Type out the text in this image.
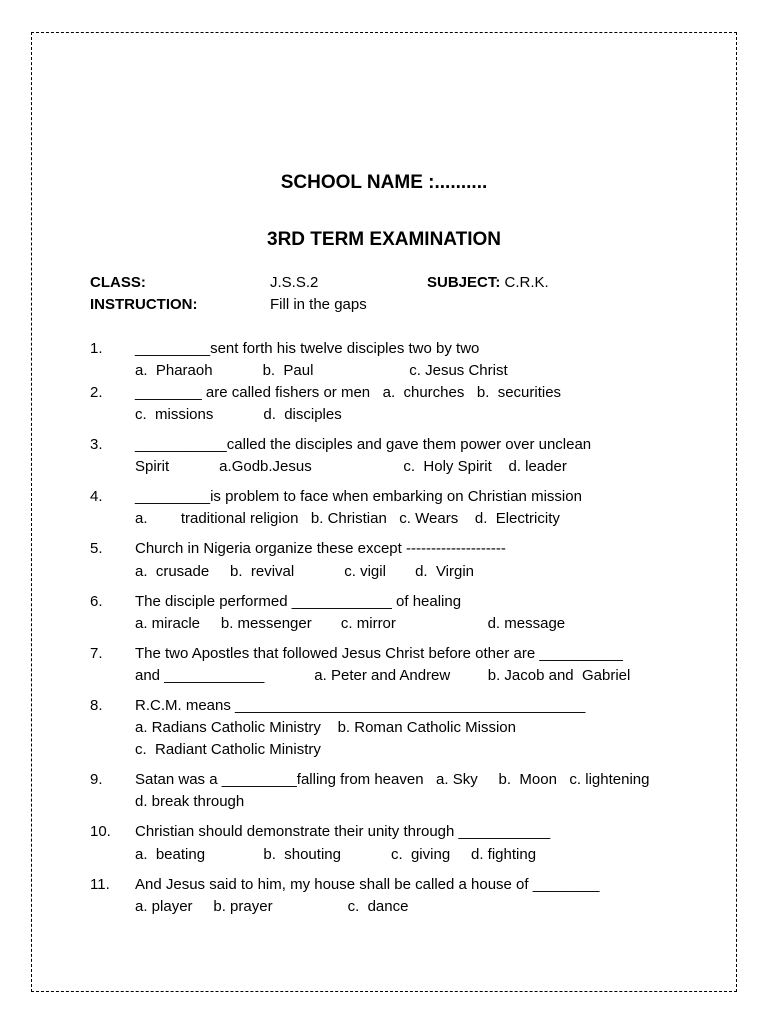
SCHOOL NAME :..........
3RD TERM EXAMINATION
CLASS:	J.S.S.2	SUBJECT: C.R.K.
INSTRUCTION:	Fill in the gaps
1. _________sent forth his twelve disciples two by two
a.  Pharaoh            b.  Paul                       c. Jesus Christ
2. ________ are called fishers or men   a.  churches   b.  securities
c.  missions            d.  disciples
3. ___________called the disciples and gave them power over unclean
Spirit            a.Godb.Jesus                      c.  Holy Spirit    d. leader
4. _________is problem to face when embarking on Christian mission
a.        traditional religion   b. Christian   c. Wears    d.  Electricity
5. Church in Nigeria organize these except --------------------
a.  crusade     b.  revival            c. vigil       d.  Virgin
6. The disciple performed ____________ of healing
a. miracle     b. messenger       c. mirror                      d. message
7. The two Apostles that followed Jesus Christ before other are __________
and ____________            a. Peter and Andrew         b. Jacob and  Gabriel
8. R.C.M. means __________________________________________
a. Radians Catholic Ministry    b. Roman Catholic Mission
c.  Radiant Catholic Ministry
9. Satan was a _________falling from heaven   a. Sky     b.  Moon   c. lightening
d. break through
10. Christian should demonstrate their unity through ___________
a.  beating              b.  shouting            c.  giving     d. fighting
11. And Jesus said to him, my house shall be called a house of ________
a. player     b. prayer                  c.  dance
